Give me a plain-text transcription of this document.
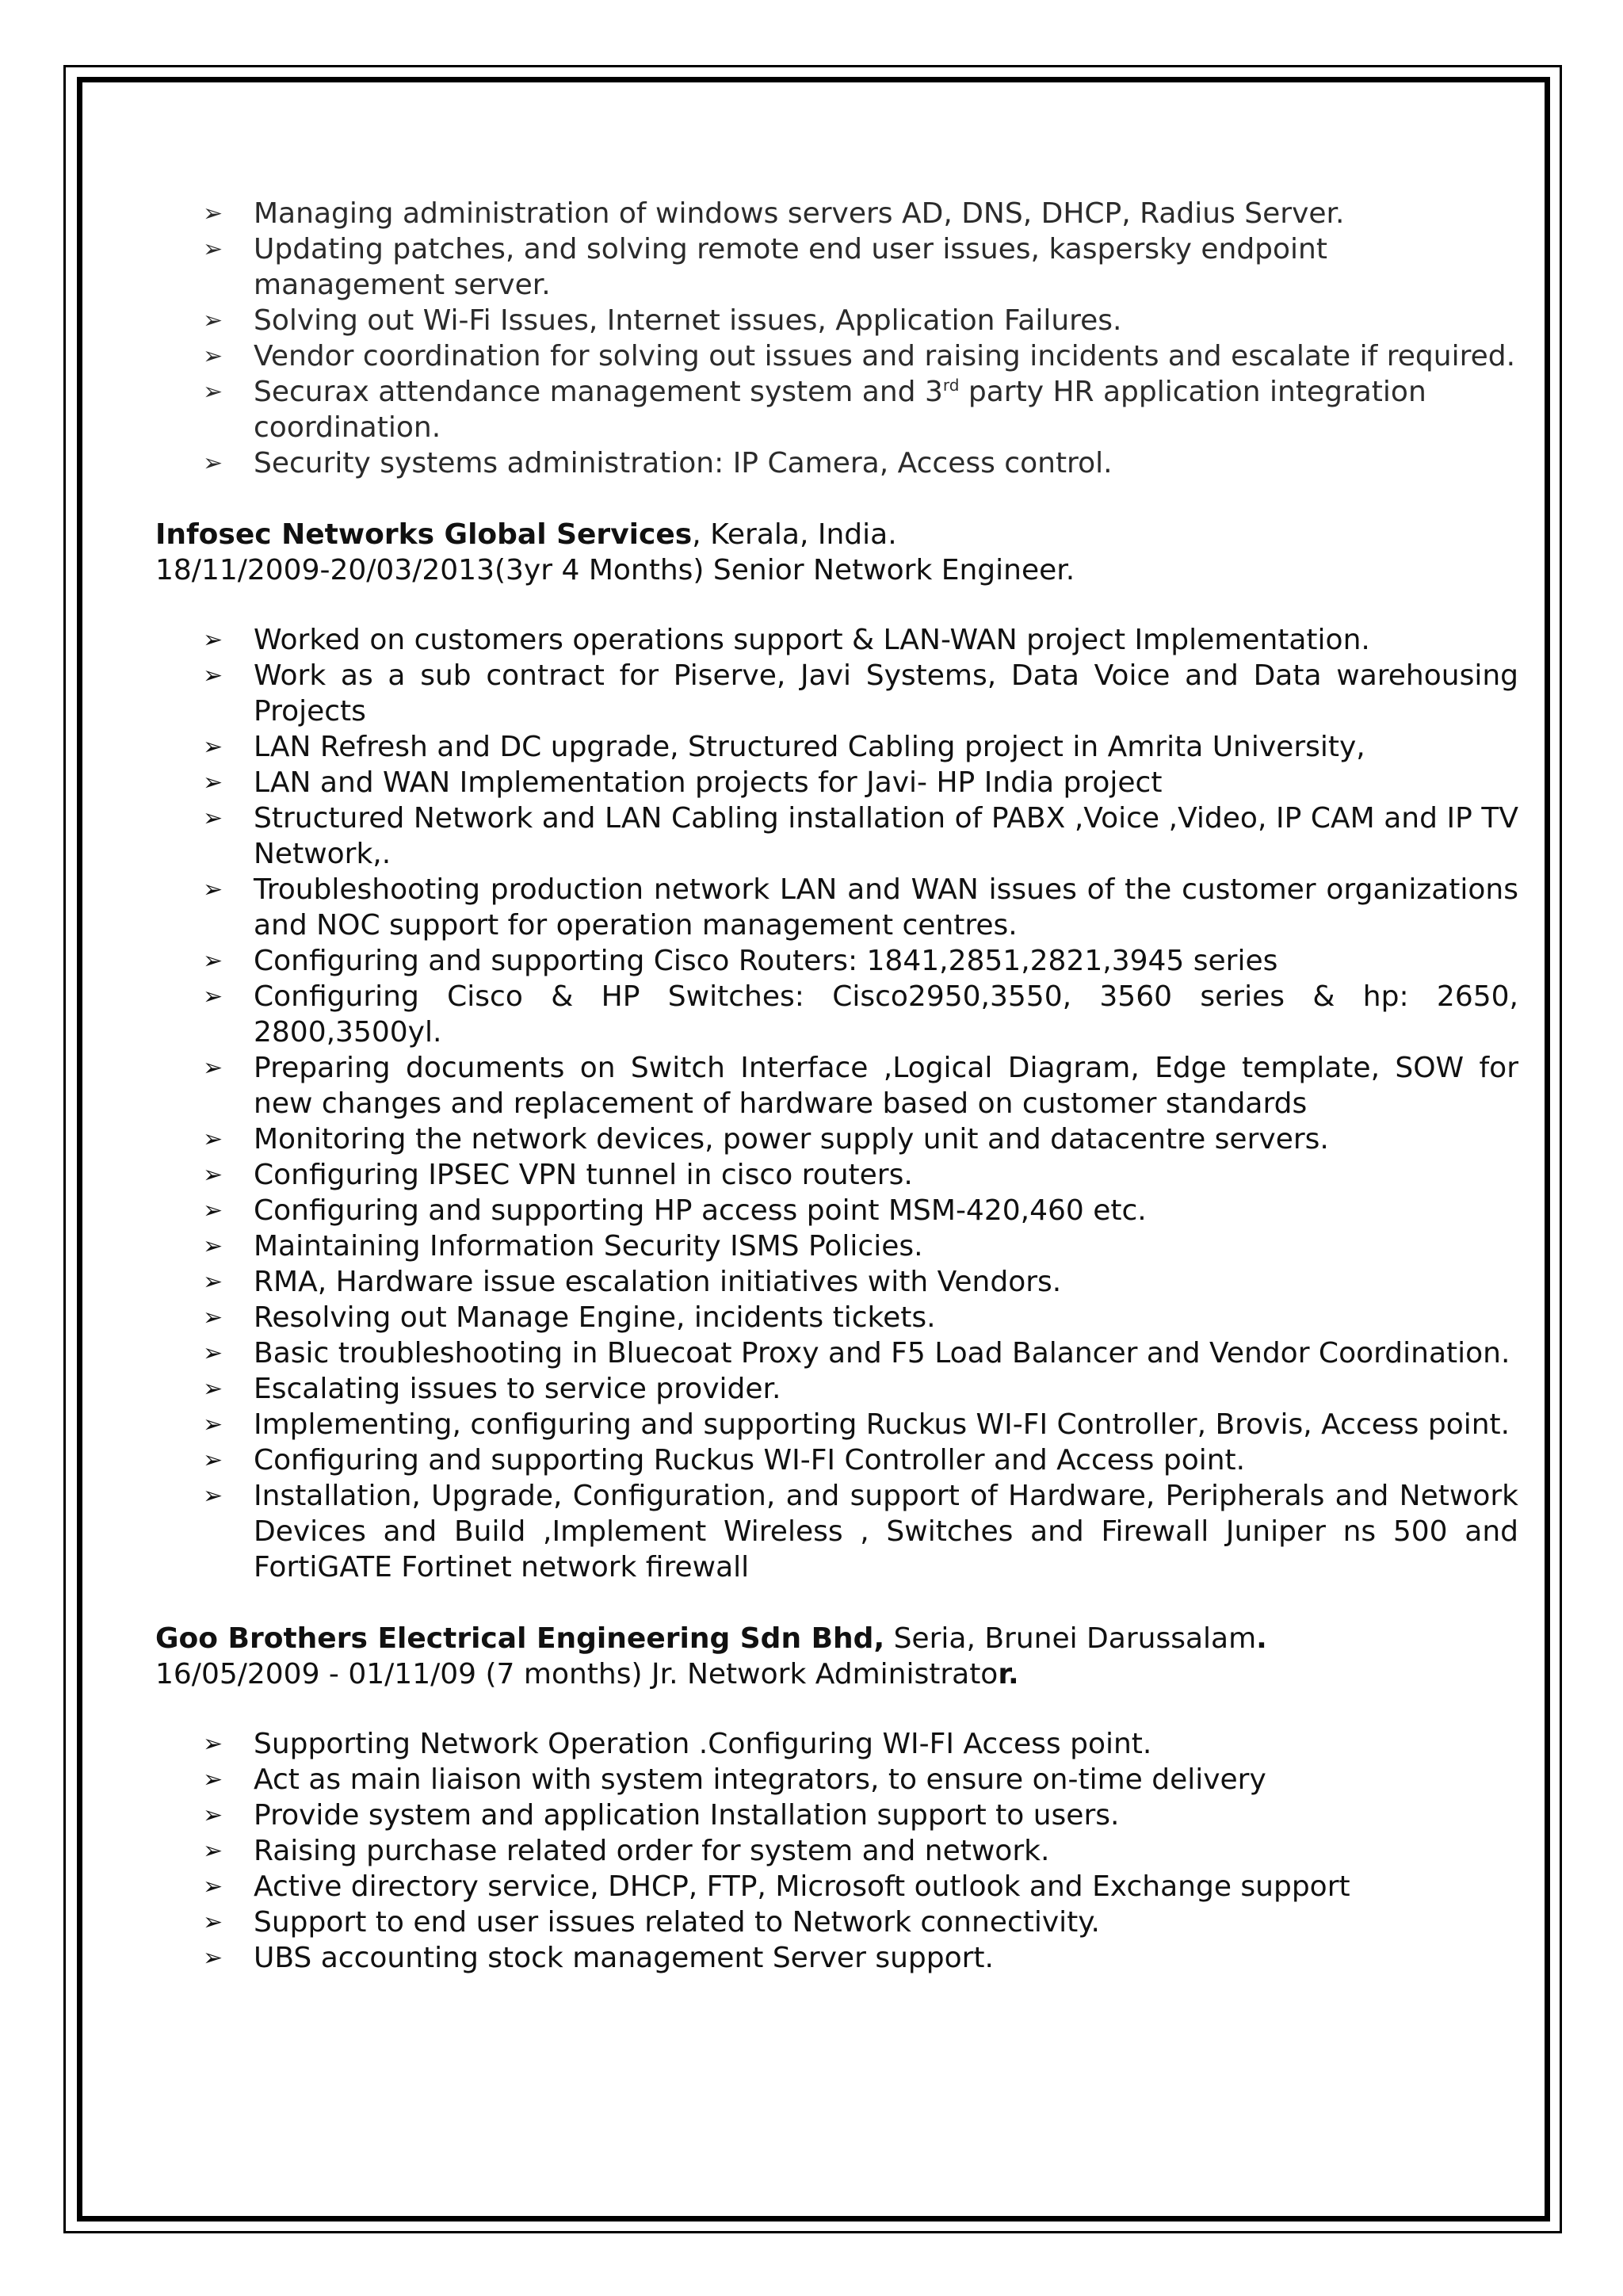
➢ Managing administration of windows servers AD, DNS, DHCP, Radius Server.
➢ Updating patches, and solving remote end user issues, kaspersky endpoint management server.
➢ Solving out Wi-Fi Issues, Internet issues, Application Failures.
➢ Vendor coordination for solving out issues and raising incidents and escalate if required.
➢ Securax attendance management system and 3rd party HR application integration coordination.
➢ Security systems administration: IP Camera, Access control.

Infosec Networks Global Services, Kerala, India.

18/11/2009-20/03/2013(3yr 4 Months) Senior Network Engineer.

➢ Worked on customers operations support & LAN-WAN project Implementation.
➢ Work as a sub contract for Piserve, Javi Systems, Data Voice and Data warehousing Projects
➢ LAN Refresh and DC upgrade, Structured Cabling project in Amrita University,
➢ LAN and WAN Implementation projects for Javi- HP India project
➢ Structured Network and LAN Cabling installation of PABX ,Voice ,Video, IP CAM and IP TV Network,.
➢ Troubleshooting production network LAN and WAN issues of the customer organizations and NOC support for operation management centres.
➢ Configuring and supporting Cisco Routers: 1841,2851,2821,3945 series
➢ Configuring Cisco & HP Switches: Cisco2950,3550, 3560 series & hp: 2650, 2800,3500yl.
➢ Preparing documents on Switch Interface ,Logical Diagram, Edge template, SOW for new changes and replacement of hardware based on customer standards
➢ Monitoring the network devices, power supply unit and datacentre servers.
➢ Configuring IPSEC VPN tunnel in cisco routers.
➢ Configuring and supporting HP access point MSM-420,460 etc.
➢ Maintaining Information Security ISMS Policies.
➢ RMA, Hardware issue escalation initiatives with Vendors.
➢ Resolving out Manage Engine, incidents tickets.
➢ Basic troubleshooting in Bluecoat Proxy and F5 Load Balancer and Vendor Coordination.
➢ Escalating issues to service provider.
➢ Implementing, configuring and supporting Ruckus WI-FI Controller, Brovis, Access point.
➢ Configuring and supporting Ruckus WI-FI Controller and Access point.
➢ Installation, Upgrade, Configuration, and support of Hardware, Peripherals and Network Devices and Build ,Implement Wireless , Switches and Firewall Juniper ns 500 and FortiGATE Fortinet network firewall

Goo Brothers Electrical Engineering Sdn Bhd, Seria, Brunei Darussalam.

16/05/2009 - 01/11/09 (7 months) Jr. Network Administrator.

➢ Supporting Network Operation .Configuring WI-FI Access point.
➢ Act as main liaison with system integrators, to ensure on-time delivery
➢ Provide system and application Installation support to users.
➢ Raising purchase related order for system and network.
➢ Active directory service, DHCP, FTP, Microsoft outlook and Exchange support
➢ Support to end user issues related to Network connectivity.
➢ UBS accounting stock management Server support.
